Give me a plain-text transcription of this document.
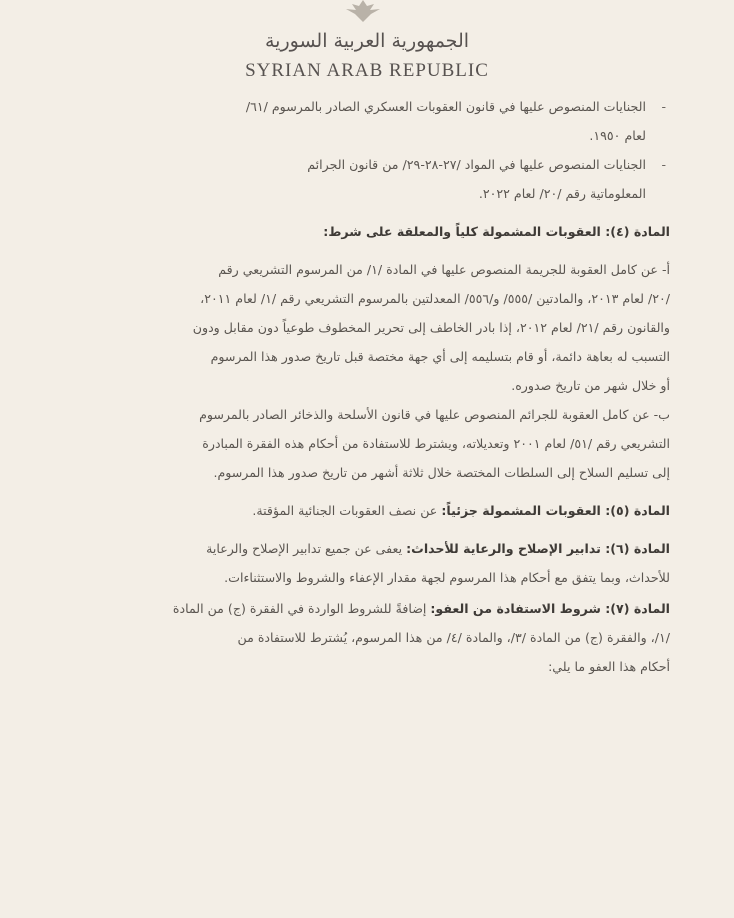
الجمهورية العربية السورية
SYRIAN ARAB REPUBLIC
- الجنايات المنصوص عليها في قانون العقوبات العسكري الصادر بالمرسوم /٦١/
لعام ١٩٥٠.
- الجنايات المنصوص عليها في المواد /٢٧-٢٨-٢٩/ من قانون الجرائم
المعلوماتية رقم /٢٠/ لعام ٢٠٢٢.
المادة (٤): العقوبات المشمولة كلياً والمعلقة على شرط:
أ- عن كامل العقوبة للجريمة المنصوص عليها في المادة /١/ من المرسوم التشريعي رقم
/٢٠/ لعام ٢٠١٣، والمادتين /٥٥٥/ و/٥٥٦/ المعدلتين بالمرسوم التشريعي رقم /١/ لعام ٢٠١١،
والقانون رقم /٢١/ لعام ٢٠١٢، إذا بادر الخاطف إلى تحرير المخطوف طوعياً دون مقابل ودون
التسبب له بعاهة دائمة، أو قام بتسليمه إلى أي جهة مختصة قبل تاريخ صدور هذا المرسوم
أو خلال شهر من تاريخ صدوره.
ب- عن كامل العقوبة للجرائم المنصوص عليها في قانون الأسلحة والذخائر الصادر بالمرسوم
التشريعي رقم /٥١/ لعام ٢٠٠١ وتعديلاته، ويشترط للاستفادة من أحكام هذه الفقرة المبادرة
إلى تسليم السلاح إلى السلطات المختصة خلال ثلاثة أشهر من تاريخ صدور هذا المرسوم.
المادة (٥): العقوبات المشمولة جزئياً: عن نصف العقوبات الجنائية المؤقتة.
المادة (٦): تدابير الإصلاح والرعاية للأحداث: يعفى عن جميع تدابير الإصلاح والرعاية
للأحداث، وبما يتفق مع أحكام هذا المرسوم لجهة مقدار الإعفاء والشروط والاستثناءات.
المادة (٧): شروط الاستفادة من العفو: إضافةً للشروط الواردة في الفقرة (ج) من المادة
/١/، والفقرة (ج) من المادة /٣/، والمادة /٤/ من هذا المرسوم، يُشترط للاستفادة من
أحكام هذا العفو ما يلي:
